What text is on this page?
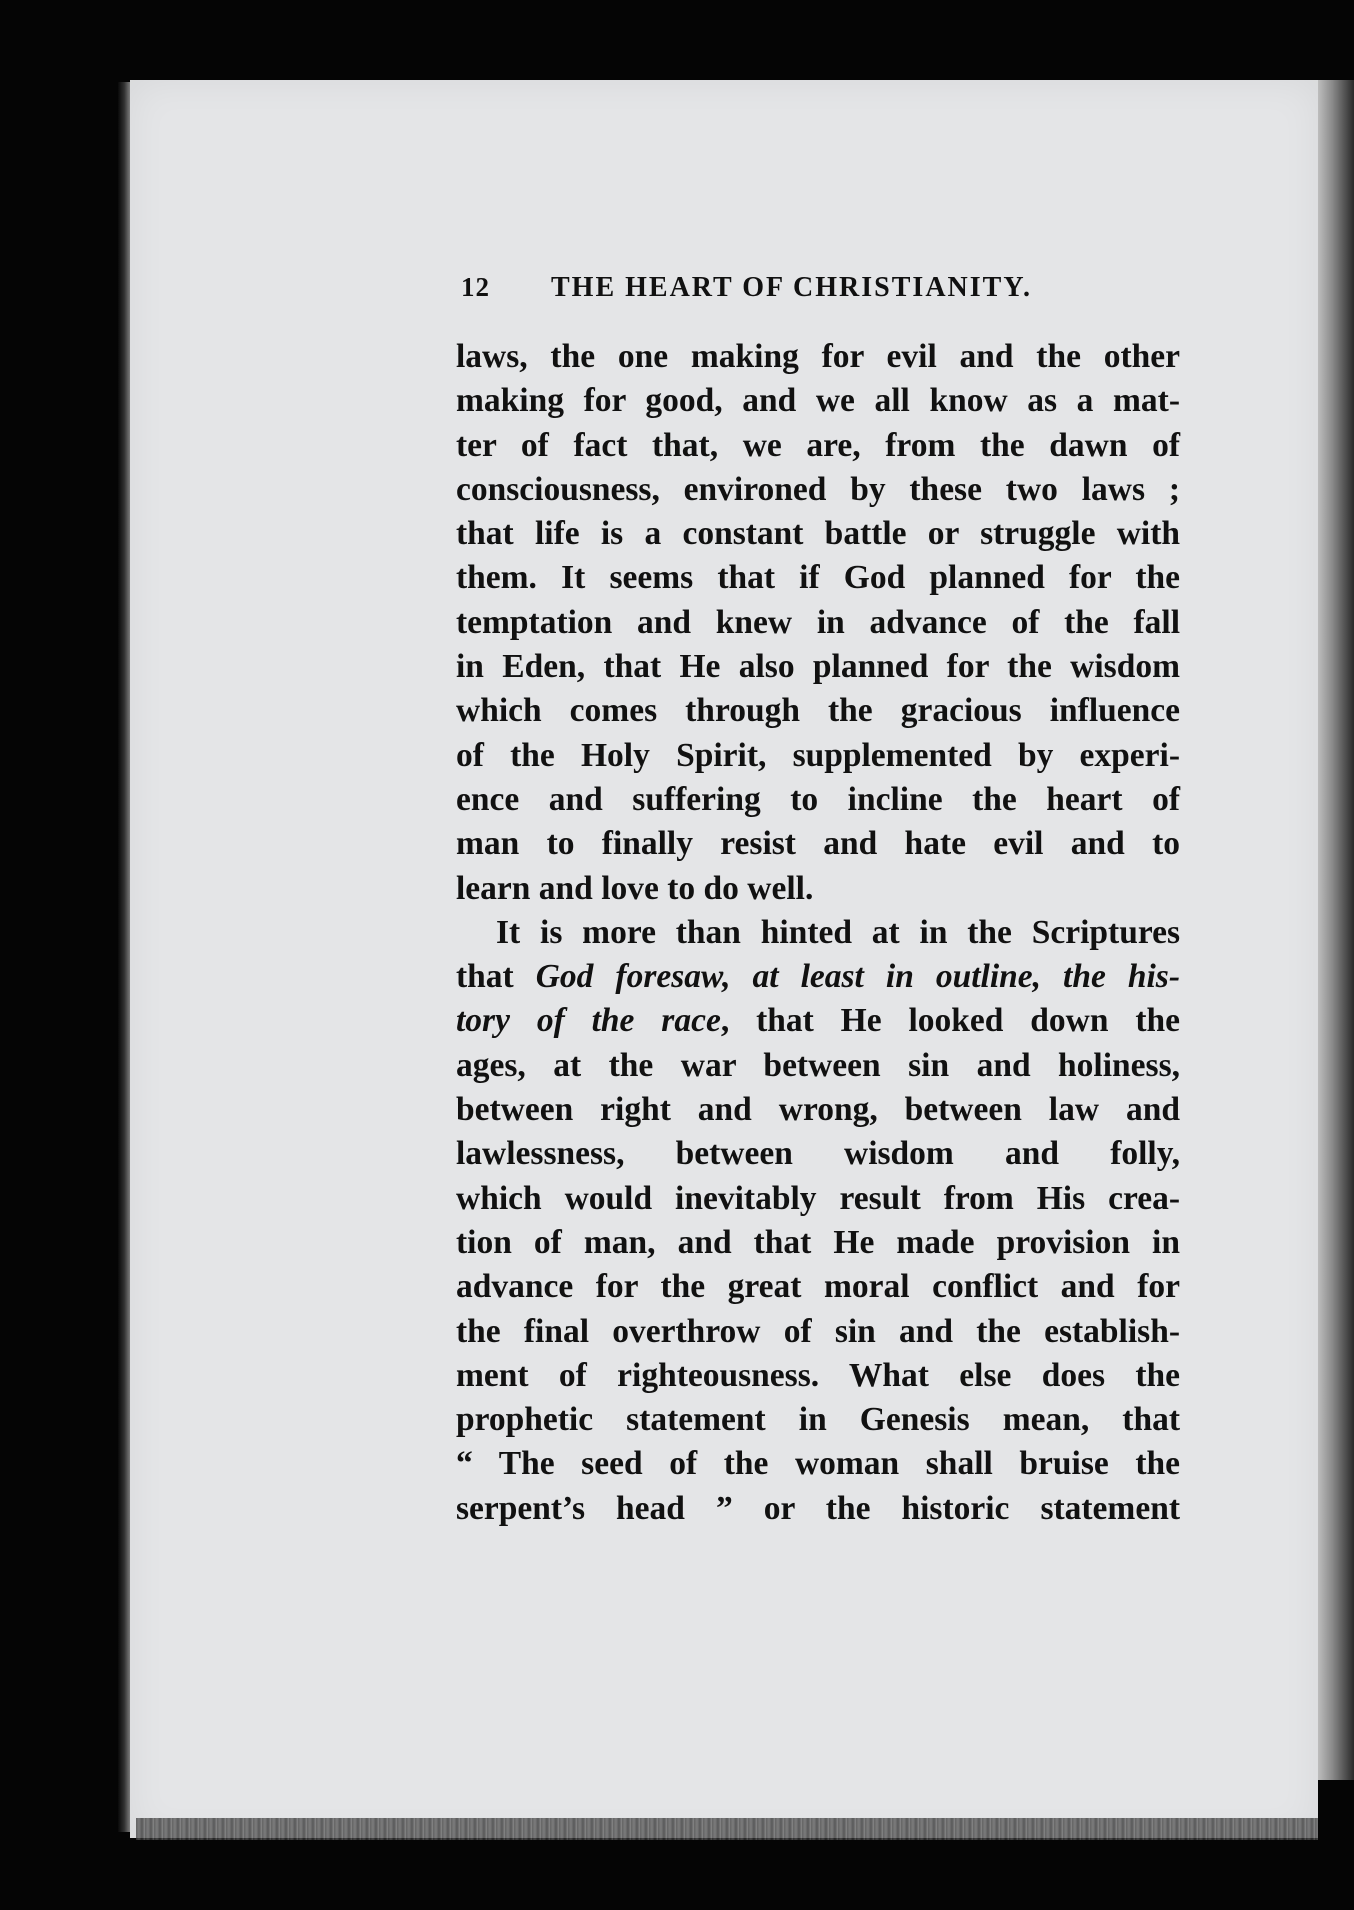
12	THE HEART OF CHRISTIANITY.
laws, the one making for evil and the other
making for good, and we all know as a mat-
ter of fact that, we are, from the dawn of
consciousness, environed by these two laws ;
that life is a constant battle or struggle with
them. It seems that if God planned for the
temptation and knew in advance of the fall
in Eden, that He also planned for the wisdom
which comes through the gracious influence
of the Holy Spirit, supplemented by experi-
ence and suffering to incline the heart of
man to finally resist and hate evil and to
learn and love to do well.
It is more than hinted at in the Scriptures
that God foresaw, at least in outline, the his-
tory of the race, that He looked down the
ages, at the war between sin and holiness,
between right and wrong, between law and
lawlessness, between wisdom and folly,
which would inevitably result from His crea-
tion of man, and that He made provision in
advance for the great moral conflict and for
the final overthrow of sin and the establish-
ment of righteousness. What else does the
prophetic statement in Genesis mean, that
“ The seed of the woman shall bruise the
serpent’s head ” or the historic statement
